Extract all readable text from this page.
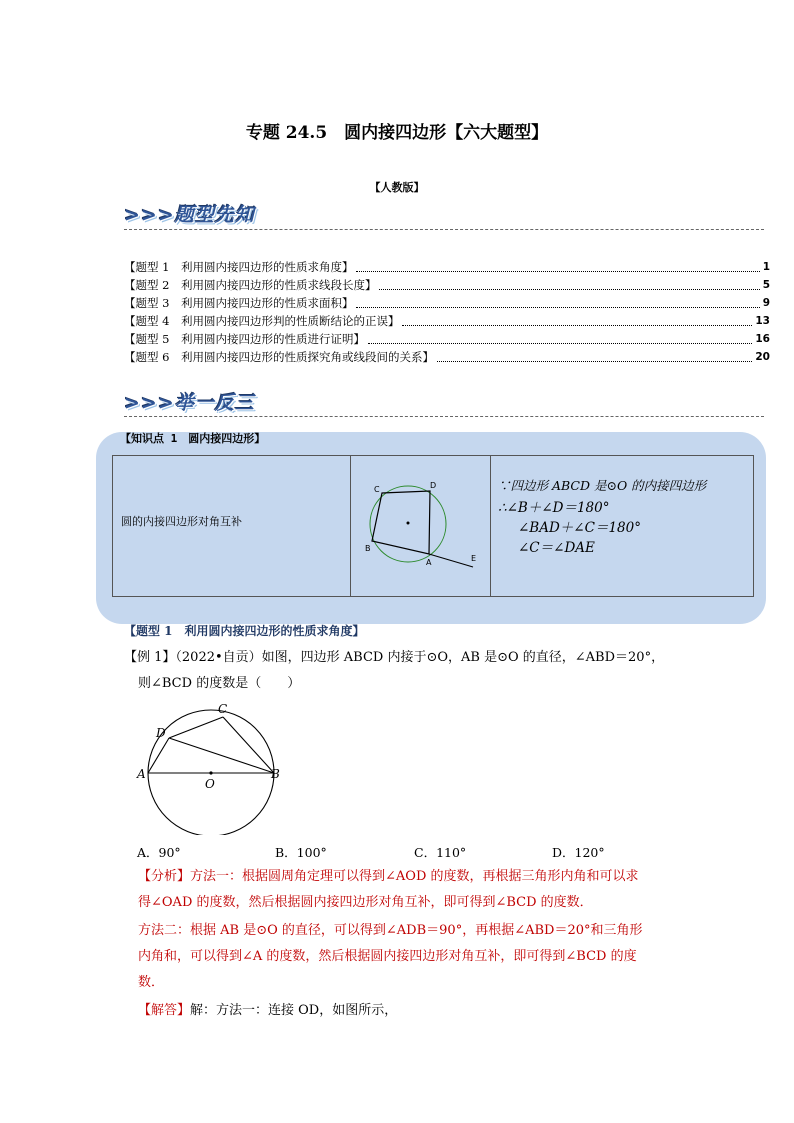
专题 24.5　圆内接四边形【六大题型】
【人教版】
>>>题型先知
【题型 1　利用圆内接四边形的性质求角度】	1
【题型 2　利用圆内接四边形的性质求线段长度】	5
【题型 3　利用圆内接四边形的性质求面积】	9
【题型 4　利用圆内接四边形判的性质断结论的正误】	13
【题型 5　利用圆内接四边形的性质进行证明】	16
【题型 6　利用圆内接四边形的性质探究角或线段间的关系】	20
>>>举一反三
【知识点 1　圆内接四边形】
圆的内接四边形对角互补
C	D
B
A	E
∵四边形 ABCD 是⊙O 的内接四边形
∴∠B＋∠D＝180°
∠BAD＋∠C＝180°
∠C＝∠DAE
【题型 1　利用圆内接四边形的性质求角度】
【例 1】（2022•自贡）如图，四边形 ABCD 内接于⊙O，AB 是⊙O 的直径，∠ABD＝20°，
则∠BCD 的度数是（　　）
C
D
A	B
O
A．90°	B．100°	C．110°	D．120°
【分析】方法一：根据圆周角定理可以得到∠AOD 的度数，再根据三角形内角和可以求
得∠OAD 的度数，然后根据圆内接四边形对角互补，即可得到∠BCD 的度数．
方法二：根据 AB 是⊙O 的直径，可以得到∠ADB＝90°，再根据∠ABD＝20°和三角形
内角和，可以得到∠A 的度数，然后根据圆内接四边形对角互补，即可得到∠BCD 的度
数．
【解答】解：方法一：连接 OD，如图所示，
